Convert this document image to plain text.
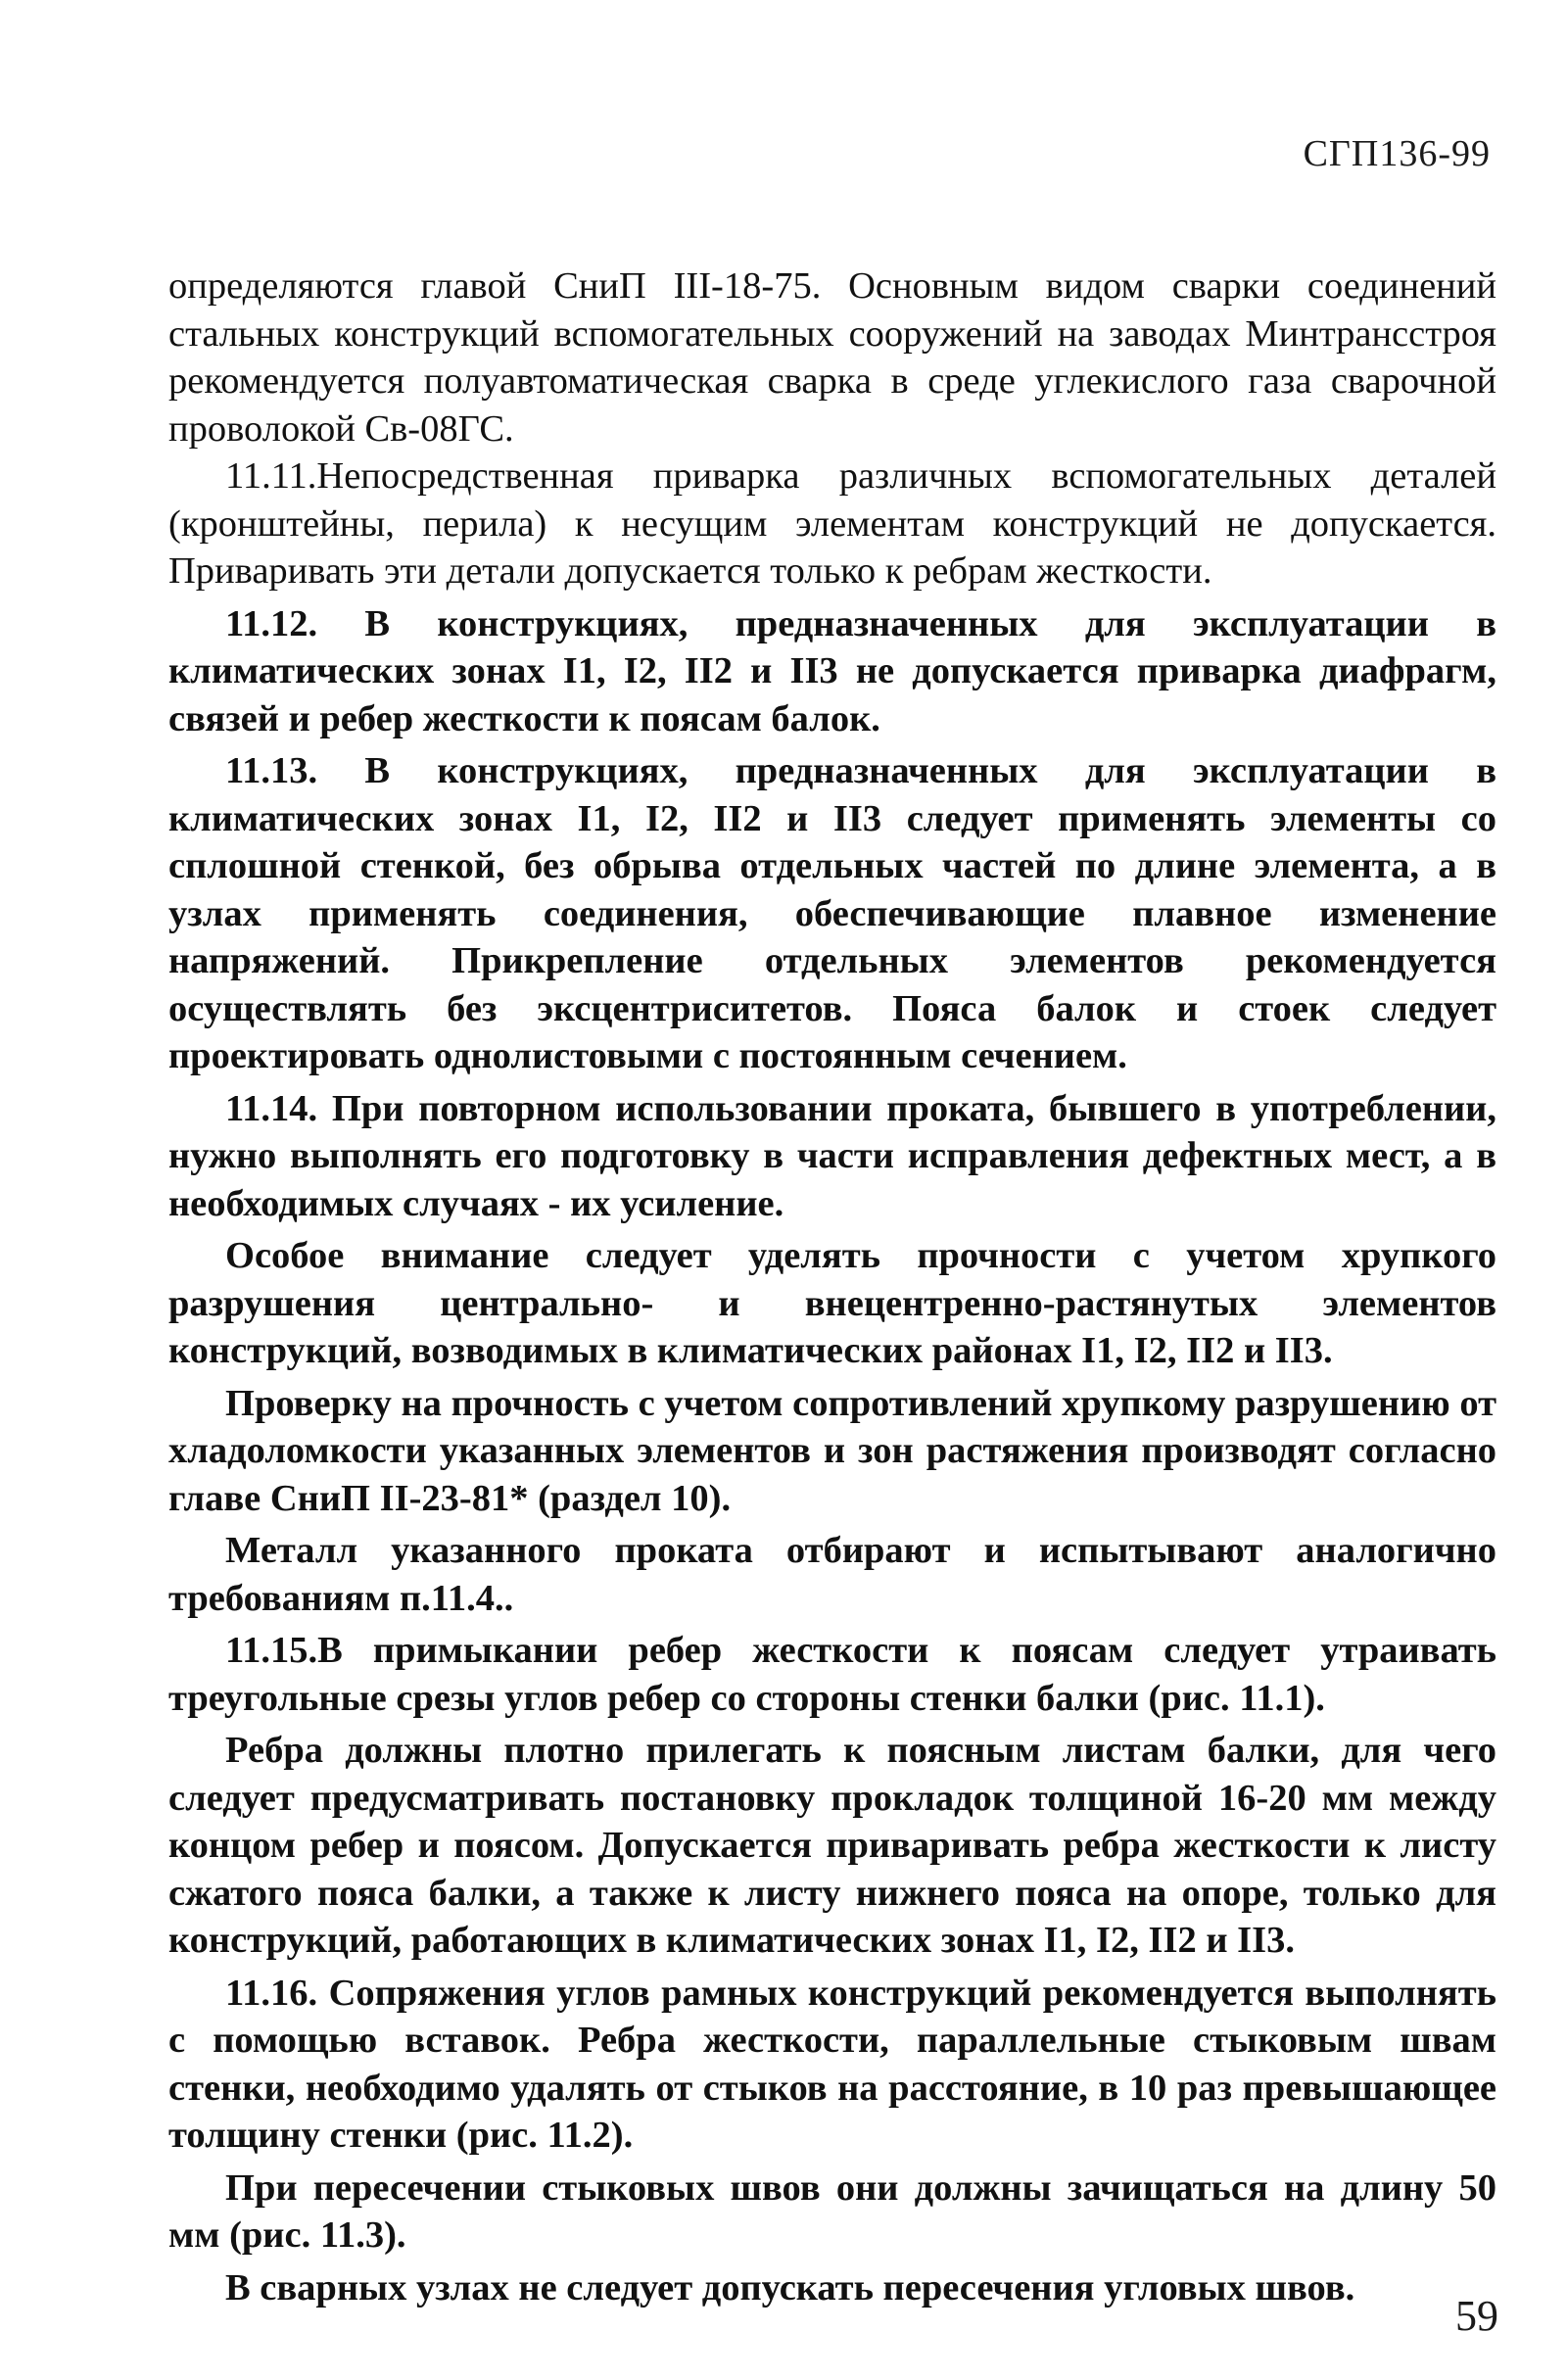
СГП136-99

определяются главой СниП III-18-75. Основным видом сварки соединений стальных конструкций вспомогательных сооружений на заводах Минтрансстроя рекомендуется полуавтоматическая сварка в среде углекислого газа сварочной проволокой Св-08ГС.

11.11.Непосредственная приварка различных вспомогательных деталей (кронштейны, перила) к несущим элементам конструкций не допускается. Приваривать эти детали допускается только к ребрам жесткости.

11.12. В конструкциях, предназначенных для эксплуатации в климатических зонах I1, I2, II2 и II3 не допускается приварка диафрагм, связей и ребер жесткости к поясам балок.

11.13. В конструкциях, предназначенных для эксплуатации в климатических зонах I1, I2, II2 и II3 следует применять элементы со сплошной стенкой, без обрыва отдельных частей по длине элемента, а в узлах применять соединения, обеспечивающие плавное изменение напряжений. Прикрепление отдельных элементов рекомендуется осуществлять без эксцентриситетов. Пояса балок и стоек следует проектировать однолистовыми с постоянным сечением.

11.14. При повторном использовании проката, бывшего в употреблении, нужно выполнять его подготовку в части исправления дефектных мест, а в необходимых случаях - их усиление.

Особое внимание следует уделять прочности с учетом хрупкого разрушения центрально- и внецентренно-растянутых элементов конструкций, возводимых в климатических районах I1, I2, II2 и II3.

Проверку на прочность с учетом сопротивлений хрупкому разрушению от хладоломкости указанных элементов и зон растяжения производят согласно главе СниП II-23-81* (раздел 10).

Металл указанного проката отбирают и испытывают аналогично требованиям п.11.4..

11.15.В примыкании ребер жесткости к поясам следует утраивать треугольные срезы углов ребер со стороны стенки балки (рис. 11.1).

Ребра должны плотно прилегать к поясным листам балки, для чего следует предусматривать постановку прокладок толщиной 16-20 мм между концом ребер и поясом. Допускается приваривать ребра жесткости к листу сжатого пояса балки, а также к листу нижнего пояса на опоре, только для конструкций, работающих в климатических зонах I1, I2, II2 и II3.

11.16. Сопряжения углов рамных конструкций рекомендуется выполнять с помощью вставок. Ребра жесткости, параллельные стыковым швам стенки, необходимо удалять от стыков на расстояние, в 10 раз превышающее толщину стенки (рис. 11.2).

При пересечении стыковых швов они должны зачищаться на длину 50 мм (рис. 11.3).

В сварных узлах не следует допускать пересечения угловых швов.

59
